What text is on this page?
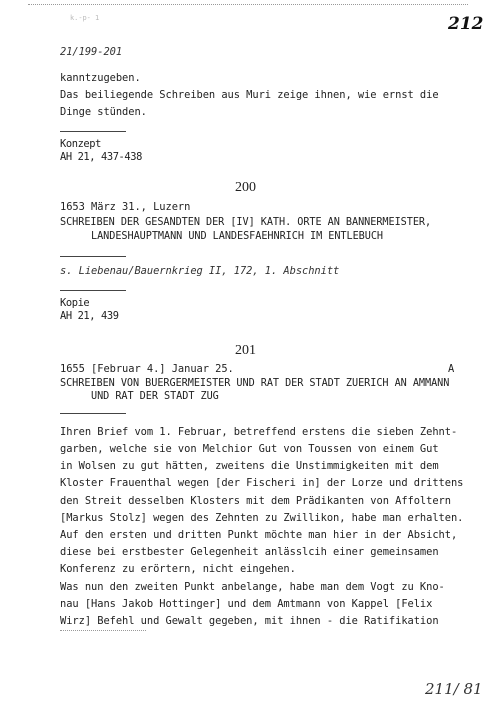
k.-p- 1	212
21/199-201
kanntzugeben.
Das beiliegende Schreiben aus Muri zeige ihnen, wie ernst die
Dinge stünden.
Konzept
AH 21, 437-438
200
1653 März 31., Luzern
SCHREIBEN DER GESANDTEN DER [IV] KATH. ORTE AN BANNERMEISTER,
LANDESHAUPTMANN UND LANDESFAEHNRICH IM ENTLEBUCH
s. Liebenau/Bauernkrieg II, 172, 1. Abschnitt
Kopie
AH 21, 439
201
1655 [Februar 4.] Januar 25.	A
SCHREIBEN VON BUERGERMEISTER UND RAT DER STADT ZUERICH AN AMMANN
UND RAT DER STADT ZUG
Ihren Brief vom 1. Februar, betreffend erstens die sieben Zehnt-
garben, welche sie von Melchior Gut von Toussen von einem Gut
in Wolsen zu gut hätten, zweitens die Unstimmigkeiten mit dem
Kloster Frauenthal wegen [der Fischeri in] der Lorze und drittens
den Streit desselben Klosters mit dem Prädikanten von Affoltern
[Markus Stolz] wegen des Zehnten zu Zwillikon, habe man erhalten.
Auf den ersten und dritten Punkt möchte man hier in der Absicht,
diese bei erstbester Gelegenheit anlässlcih einer gemeinsamen
Konferenz zu erörtern, nicht eingehen.
Was nun den zweiten Punkt anbelange, habe man dem Vogt zu Kno-
nau [Hans Jakob Hottinger] und dem Amtmann von Kappel [Felix
Wirz] Befehl und Gewalt gegeben, mit ihnen - die Ratifikation
211/ 81
